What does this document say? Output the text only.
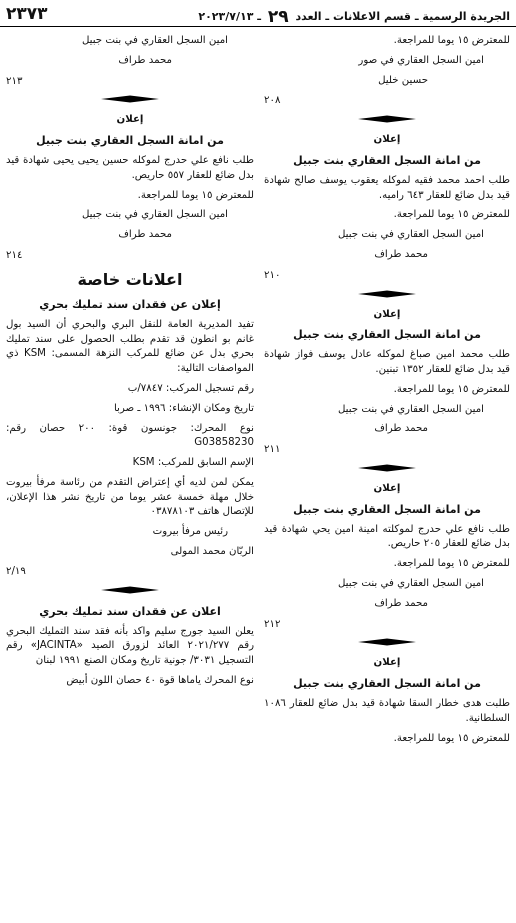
الجريدة الرسمية ـ قسم الاعلانات ـ العدد ٢٩ ـ ٢٠٢٣/٧/١٣
٢٣٧٣
للمعترض ١٥ يوما للمراجعة.
امين السجل العقاري في صور
حسين خليل
٢٠٨
إعلان
من امانة السجل العقاري بنت جبيل
طلب احمد محمد فقيه لموكله يعقوب يوسف صالح شهادة قيد بدل ضائع للعقار ٦٤٣ راميه.
للمعترض ١٥ يوما للمراجعة.
امين السجل العقاري في بنت جبيل
محمد طراف
٢١٠
إعلان
من امانة السجل العقاري بنت جبيل
طلب محمد امين صباغ لموكله عادل يوسف فواز شهادة قيد بدل ضائع للعقار ١٣٥٢ تبنين.
للمعترض ١٥ يوما للمراجعة.
امين السجل العقاري في بنت جبيل
محمد طراف
٢١١
إعلان
من امانة السجل العقاري بنت جبيل
طلب نافع علي حدرج لموكلته امينة امين يحي شهادة قيد بدل ضائع للعقار ٢٠٥ حاريص.
للمعترض ١٥ يوما للمراجعة.
امين السجل العقاري في بنت جبيل
محمد طراف
٢١٢
إعلان
من امانة السجل العقاري بنت جبيل
طلبت هدى خطار السقا شهادة قيد بدل ضائع للعقار ١٠٨٦ السلطانية.
للمعترض ١٥ يوما للمراجعة.
امين السجل العقاري في بنت جبيل
محمد طراف
٢١٣
إعلان
من امانة السجل العقاري بنت جبيل
طلب نافع علي حدرج لموكله حسين يحيى يحيى شهادة قيد بدل ضائع للعقار ٥٥٧ حاريص.
للمعترض ١٥ يوما للمراجعة.
امين السجل العقاري في بنت جبيل
محمد طراف
٢١٤
اعلانات خاصة
إعلان عن فقدان سند تمليك بحري
تفيد المديرية العامة للنقل البري والبحري أن السيد بول غانم بو انطون قد تقدم بطلب الحصول على سند تمليك بحري بدل عن ضائع للمركب النزهة المسمى: KSM ذي المواصفات التالية:
رقم تسجيل المركب: ٧٨٤٧/ب
تاريخ ومكان الإنشاء: ١٩٩٦ ـ صربا
نوع المحرك: جونسون قوة: ٢٠٠ حصان رقم: G03858230
الإسم السابق للمركب: KSM
يمكن لمن لديه أي إعتراض التقدم من رئاسة مرفأ بيروت خلال مهلة خمسة عشر يوما من تاريخ نشر هذا الإعلان، للإتصال هاتف ٠٣٨٧٨١٠٣
رئيس مرفأ بيروت
الربّان محمد المولى
٢/١٩
اعلان عن فقدان سند تمليك بحري
يعلن السيد جورج سليم واكد بأنه فقد سند التمليك البحري رقم ٢٠٢١/٢٧٧ العائد لزورق الصيد «JACINTA» رقم التسجيل ٣٠٣١/ جونية تاريخ ومكان الصنع ١٩٩١ لبنان
نوع المحرك ياماها قوة ٤٠ حصان اللون أبيض
